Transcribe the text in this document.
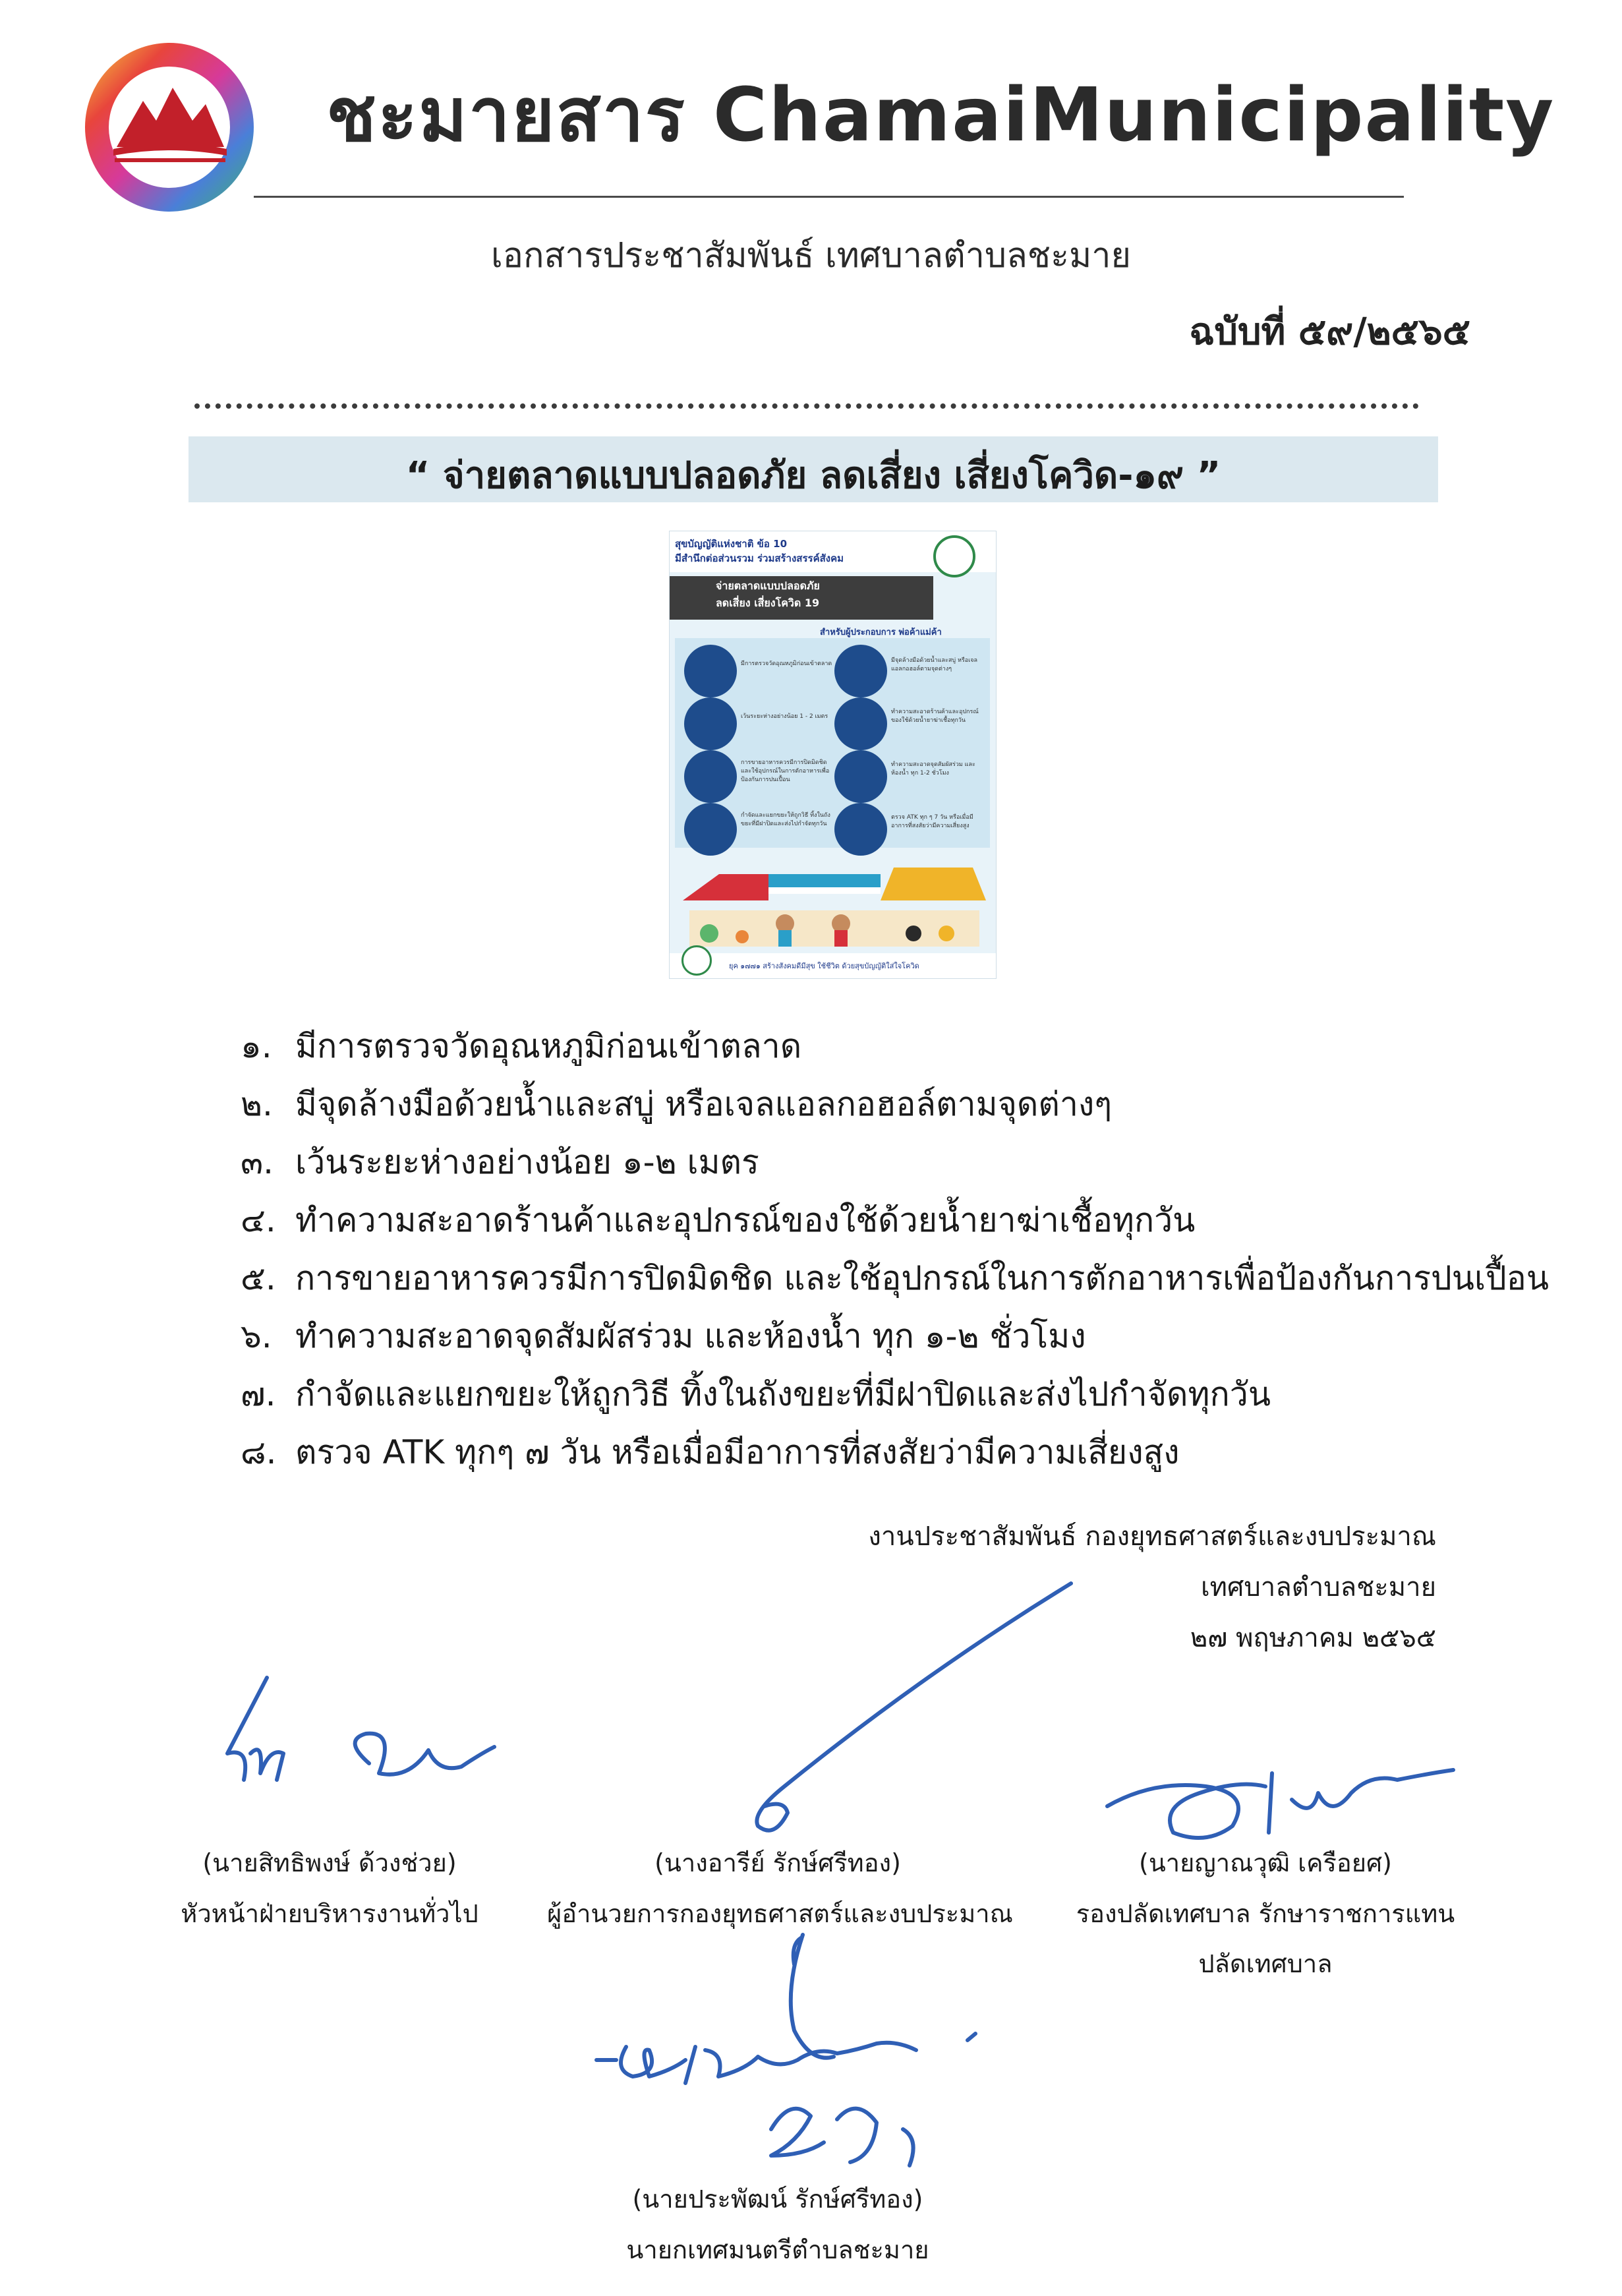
ชะมายสาร ChamaiMunicipality
เอกสารประชาสัมพันธ์ เทศบาลตำบลชะมาย
ฉบับที่ ๕๙/๒๕๖๕
“ จ่ายตลาดแบบปลอดภัย ลดเสี่ยง เสี่ยงโควิด-๑๙ ”
สุขบัญญัติแห่งชาติ ข้อ 10
มีสำนึกต่อส่วนรวม ร่วมสร้างสรรค์สังคม
จ่ายตลาดแบบปลอดภัย
ลดเสี่ยง เสี่ยงโควิด 19
สำหรับผู้ประกอบการ พ่อค้าแม่ค้า
มีการตรวจวัดอุณหภูมิก่อนเข้าตลาด
เว้นระยะห่างอย่างน้อย 1 - 2 เมตร
การขายอาหารควรมีการปิดมิดชิด และใช้อุปกรณ์ในการตักอาหารเพื่อป้องกันการปนเปื้อน
กำจัดและแยกขยะให้ถูกวิธี ทิ้งในถังขยะที่มีฝาปิดและส่งไปกำจัดทุกวัน
มีจุดล้างมือด้วยน้ำและสบู่ หรือเจลแอลกอฮอล์ตามจุดต่างๆ
ทำความสะอาดร้านค้าและอุปกรณ์ของใช้ด้วยน้ำยาฆ่าเชื้อทุกวัน
ทำความสะอาดจุดสัมผัสร่วม และห้องน้ำ ทุก 1-2 ชั่วโมง
ตรวจ ATK ทุก ๆ 7 วัน หรือเมื่อมีอาการที่สงสัยว่ามีความเสี่ยงสูง
ยุค ๑๗๗๑ สร้างสังคมดีมีสุข ใช้ชีวิต ด้วยสุขบัญญัติใส่ใจโควิด
๑. มีการตรวจวัดอุณหภูมิก่อนเข้าตลาด
๒. มีจุดล้างมือด้วยน้ำและสบู่ หรือเจลแอลกอฮอล์ตามจุดต่างๆ
๓. เว้นระยะห่างอย่างน้อย ๑-๒ เมตร
๔. ทำความสะอาดร้านค้าและอุปกรณ์ของใช้ด้วยน้ำยาฆ่าเชื้อทุกวัน
๕. การขายอาหารควรมีการปิดมิดชิด และใช้อุปกรณ์ในการตักอาหารเพื่อป้องกันการปนเปื้อน
๖. ทำความสะอาดจุดสัมผัสร่วม และห้องน้ำ ทุก ๑-๒ ชั่วโมง
๗. กำจัดและแยกขยะให้ถูกวิธี ทิ้งในถังขยะที่มีฝาปิดและส่งไปกำจัดทุกวัน
๘. ตรวจ ATK ทุกๆ ๗ วัน หรือเมื่อมีอาการที่สงสัยว่ามีความเสี่ยงสูง
งานประชาสัมพันธ์ กองยุทธศาสตร์และงบประมาณ
เทศบาลตำบลชะมาย
๒๗ พฤษภาคม ๒๕๖๕
(นายสิทธิพงษ์ ด้วงช่วย)
หัวหน้าฝ่ายบริหารงานทั่วไป
(นางอารีย์ รักษ์ศรีทอง)
ผู้อำนวยการกองยุทธศาสตร์และงบประมาณ
(นายญาณวุฒิ เครือยศ)
รองปลัดเทศบาล รักษาราชการแทน
ปลัดเทศบาล
(นายประพัฒน์ รักษ์ศรีทอง)
นายกเทศมนตรีตำบลชะมาย
